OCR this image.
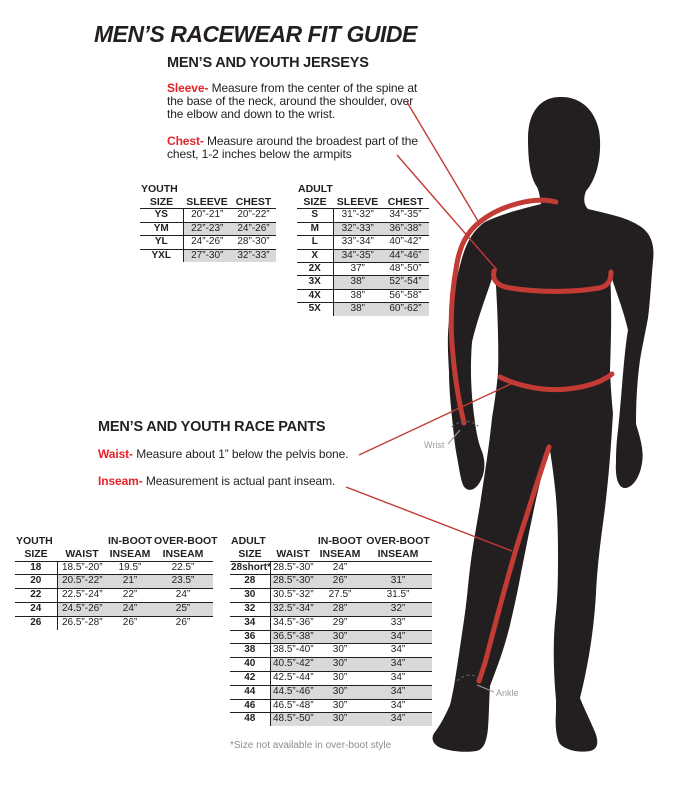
MEN’S RACEWEAR FIT GUIDE
MEN’S AND YOUTH JERSEYS

Sleeve- Measure from the center of the spine at the base of the neck, around the shoulder, over the elbow and down to the wrist.

Chest- Measure around the broadest part of the chest, 1-2 inches below the armpits

MEN’S AND YOUTH RACE PANTS

Waist- Measure about 1” below the pelvis bone.

Inseam- Measurement is actual pant inseam.

YOUTH		
SIZE	SLEEVE	CHEST
YS	20”-21”	20”-22”
YM	22”-23”	24”-26”
YL	24”-26”	28”-30”
YXL	27”-30”	32”-33”
ADULT		
SIZE	SLEEVE	CHEST
S	31”-32”	34”-35”
M	32”-33”	36”-38”
L	33”-34”	40”-42”
X	34”-35”	44”-46”
2X	37”	48”-50”
3X	38”	52”-54”
4X	38”	56”-58”
5X	38”	60”-62”
YOUTH		IN-BOOT	OVER-BOOT
SIZE	WAIST	INSEAM	INSEAM
18	18.5”-20”	19.5”	22.5”
20	20.5”-22”	21”	23.5”
22	22.5”-24”	22”	24”
24	24.5”-26”	24”	25”
26	26.5”-28”	26”	26”
ADULT		IN-BOOT	OVER-BOOT
SIZE	WAIST	INSEAM	INSEAM
28short*	28.5”-30”	24”	
28	28.5”-30”	26”	31”
30	30.5”-32”	27.5”	31.5”
32	32.5”-34”	28”	32”
34	34.5”-36”	29”	33”
36	36.5”-38”	30”	34”
38	38.5”-40”	30”	34”
40	40.5”-42”	30”	34”
42	42.5”-44”	30”	34”
44	44.5”-46”	30”	34”
46	46.5”-48”	30”	34”
48	48.5”-50”	30”	34”

*Size not available in over-boot style

Wrist
Ankle
